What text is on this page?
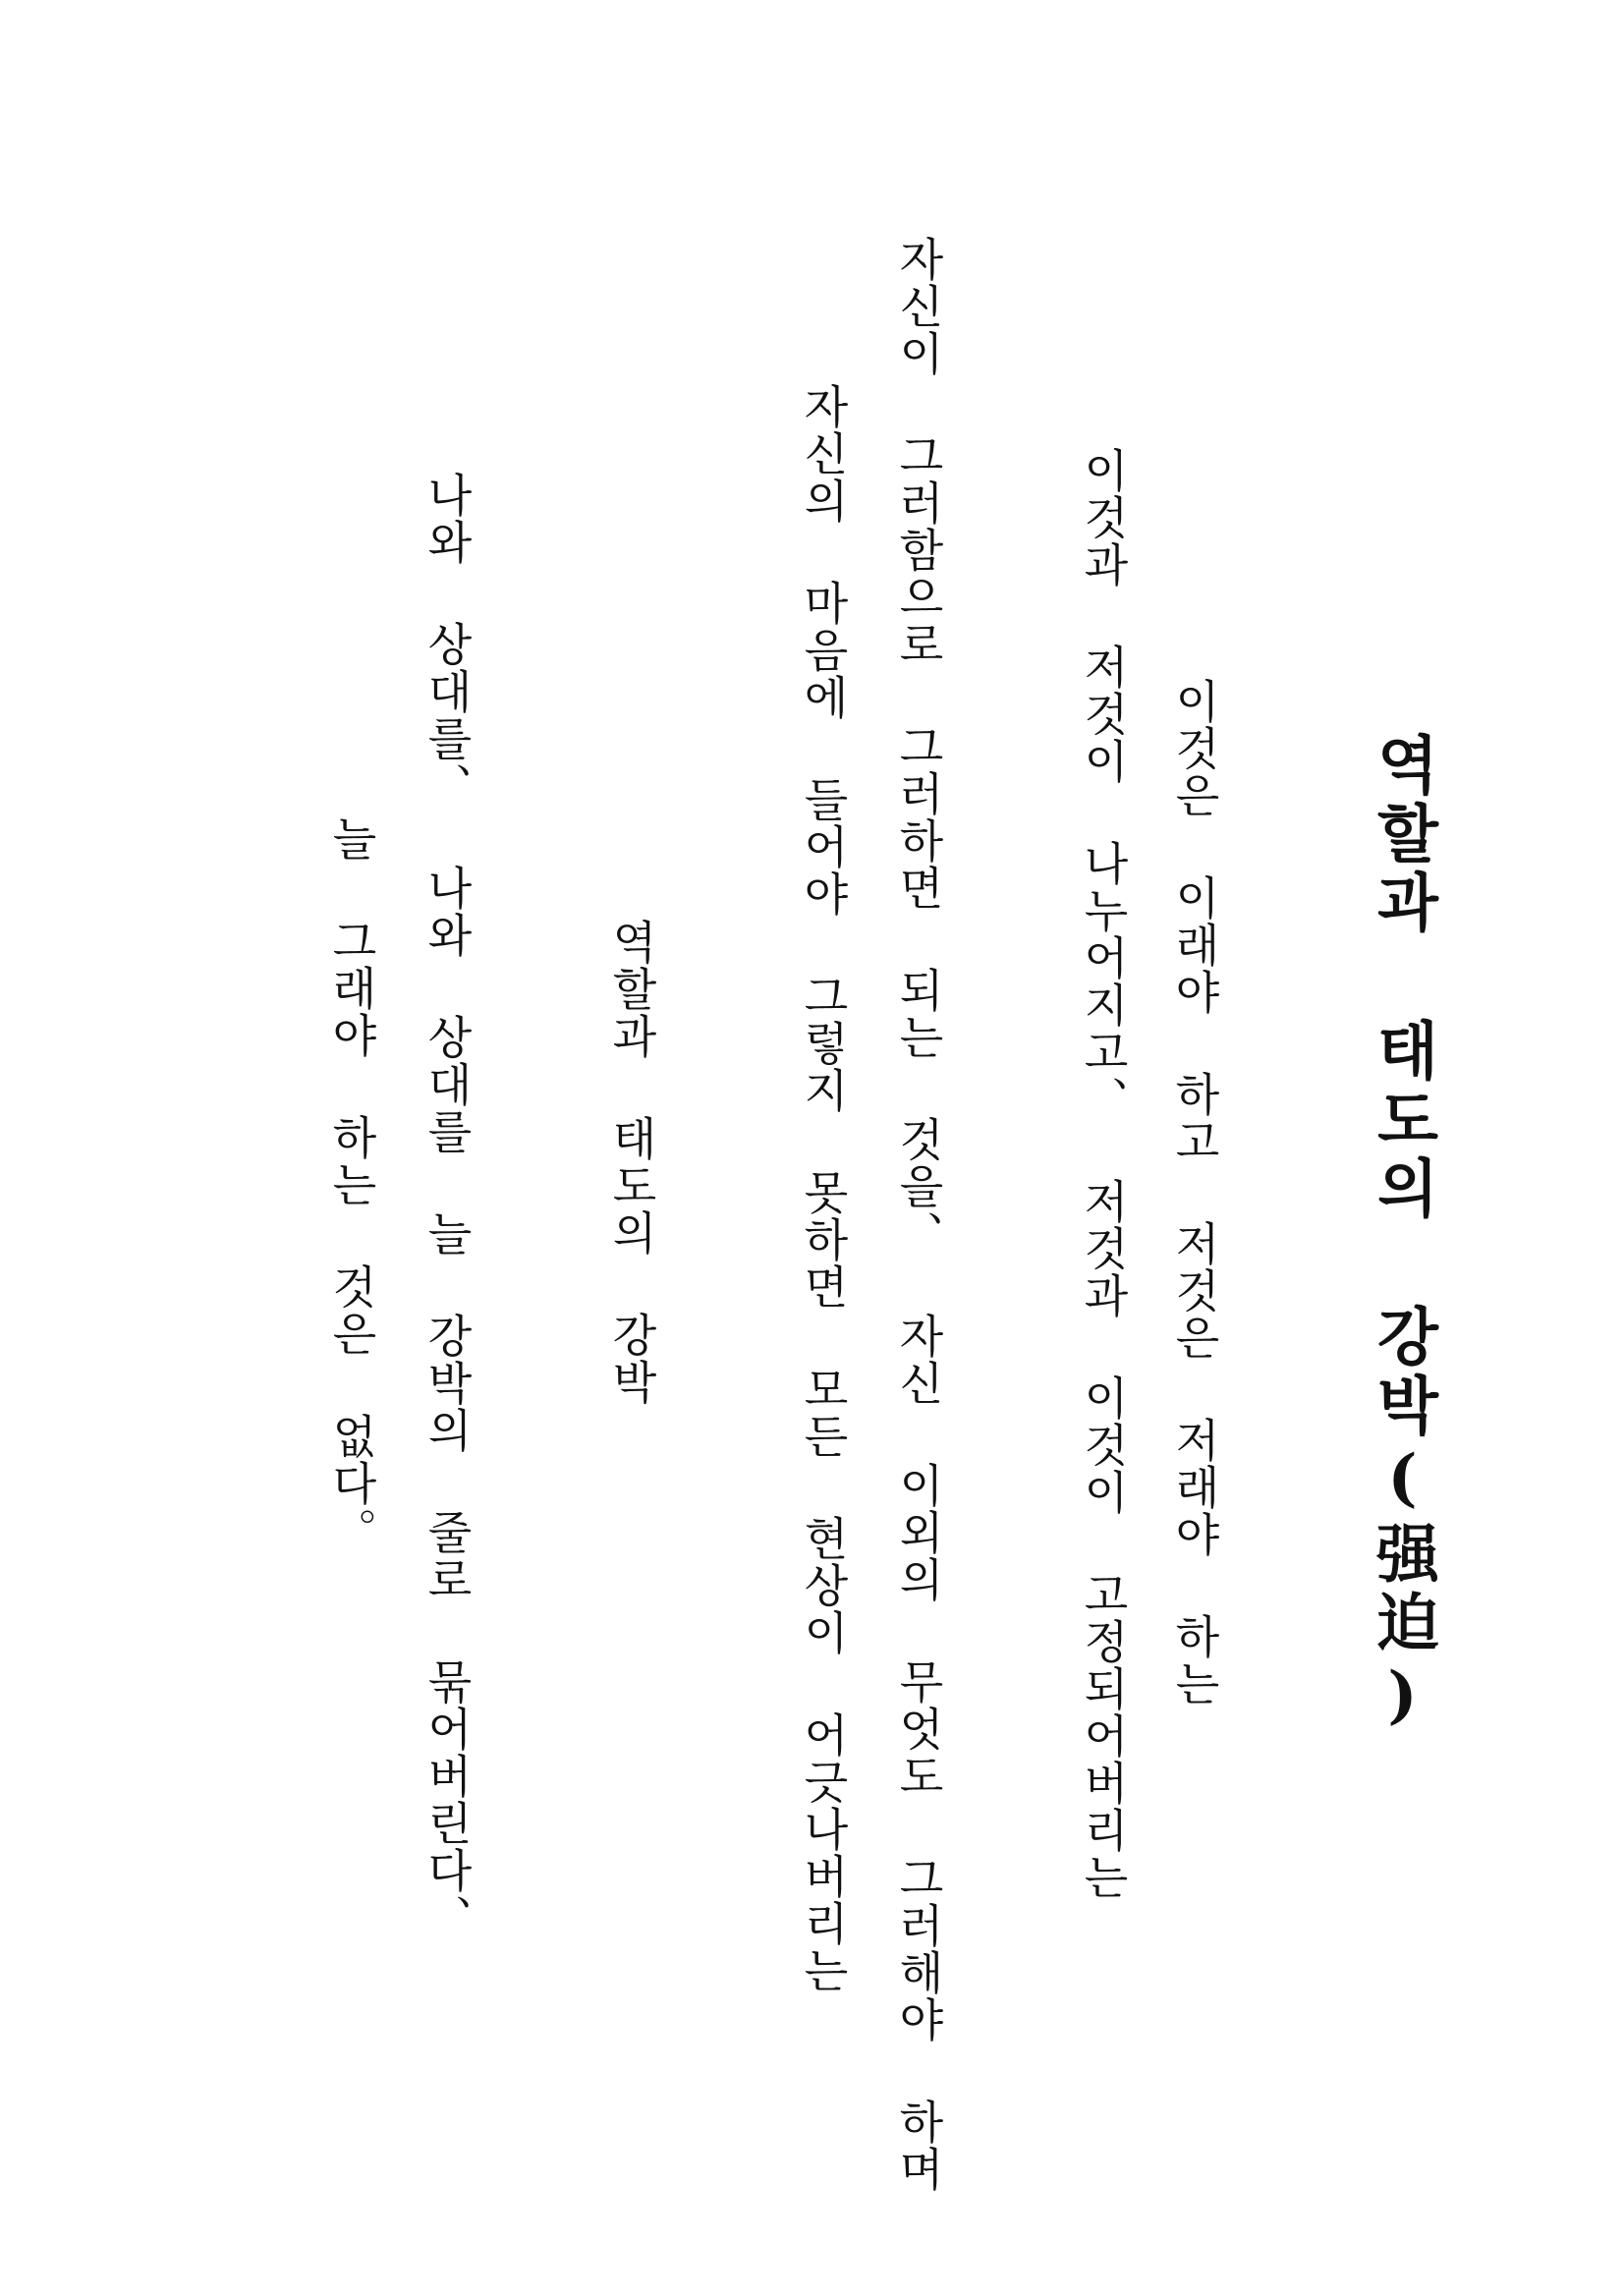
역할과 태도의 강박(强迫)
이것은 이래야 하고 저것은 저래야 하는
이것과 저것이 나누어지고、 저것과 이것이 고정되어버리는
자신이 그러함으로 그러하면 되는 것을、 자신 이외의 무엇도 그러해야 하며
자신의 마음에 들어야 그렇지 못하면 모든 현상이 어긋나버리는
역할과 태도의 강박
나와 상대를、 나와 상대를 늘 강박의 줄로 묶어버린다、
늘 그래야 하는 것은 없다。
